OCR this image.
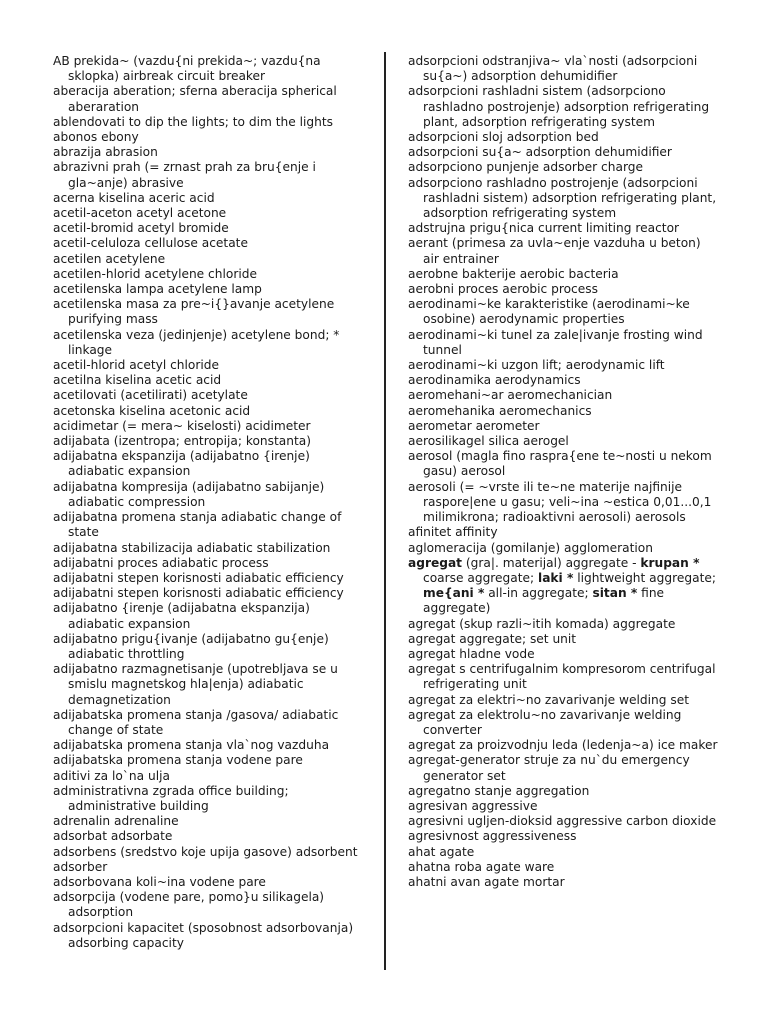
AB prekida~ (vazdu{ni prekida~; vazdu{na sklopka) airbreak circuit breaker

aberacija aberation; sferna aberacija spherical aberaration

ablendovati to dip the lights; to dim the lights

abonos ebony

abrazija abrasion

abrazivni prah (= zrnast prah za bru{enje i gla~anje) abrasive

acerna kiselina aceric acid

acetil-aceton acetyl acetone

acetil-bromid acetyl bromide

acetil-celuloza cellulose acetate

acetilen acetylene

acetilen-hlorid acetylene chloride

acetilenska lampa acetylene lamp

acetilenska masa za pre~i{}avanje acetylene purifying mass

acetilenska veza (jedinjenje) acetylene bond; * linkage

acetil-hlorid acetyl chloride

acetilna kiselina acetic acid

acetilovati (acetilirati) acetylate

acetonska kiselina acetonic acid

acidimetar (= mera~ kiselosti) acidimeter

adijabata (izentropa; entropija; konstanta)

adijabatna ekspanzija (adijabatno {irenje) adiabatic expansion

adijabatna kompresija (adijabatno sabijanje) adiabatic compression

adijabatna promena stanja adiabatic change of state

adijabatna stabilizacija adiabatic stabilization

adijabatni proces adiabatic process

adijabatni stepen korisnosti adiabatic efficiency

adijabatni stepen korisnosti adiabatic efficiency

adijabatno {irenje (adijabatna ekspanzija) adiabatic expansion

adijabatno prigu{ivanje (adijabatno gu{enje) adiabatic throttling

adijabatno razmagnetisanje (upotrebljava se u smislu magnetskog hla|enja) adiabatic demagnetization

adijabatska promena stanja /gasova/ adiabatic change of state

adijabatska promena stanja vla`nog vazduha

adijabatska promena stanja vodene pare

aditivi za lo`na ulja

administrativna zgrada office building; administrative building

adrenalin adrenaline

adsorbat adsorbate

adsorbens (sredstvo koje upija gasove) adsorbent

adsorber

adsorbovana koli~ina vodene pare

adsorpcija (vodene pare, pomo}u silikagela) adsorption

adsorpcioni kapacitet (sposobnost adsorbovanja) adsorbing capacity

adsorpcioni odstranjiva~ vla`nosti (adsorpcioni su{a~) adsorption dehumidifier

adsorpcioni rashladni sistem (adsorpciono rashladno postrojenje) adsorption refrigerating plant, adsorption refrigerating system

adsorpcioni sloj adsorption bed

adsorpcioni su{a~ adsorption dehumidifier

adsorpciono punjenje adsorber charge

adsorpciono rashladno postrojenje (adsorpcioni rashladni sistem) adsorption refrigerating plant, adsorption refrigerating system

adstrujna prigu{nica current limiting reactor

aerant (primesa za uvla~enje vazduha u beton) air entrainer

aerobne bakterije aerobic bacteria

aerobni proces aerobic process

aerodinami~ke karakteristike (aerodinami~ke osobine) aerodynamic properties

aerodinami~ki tunel za zale|ivanje frosting wind tunnel

aerodinami~ki uzgon lift; aerodynamic lift

aerodinamika aerodynamics

aeromehani~ar aeromechanician

aeromehanika aeromechanics

aerometar aerometer

aerosilikagel silica aerogel

aerosol (magla fino raspra{ene te~nosti u nekom gasu) aerosol

aerosoli (= ~vrste ili te~ne materije najfinije raspore|ene u gasu; veli~ina ~estica 0,01...0,1 milimikrona; radioaktivni aerosoli) aerosols

afinitet affinity

aglomeracija (gomilanje) agglomeration

agregat (gra|. materijal) aggregate - krupan * coarse aggregate; laki * lightweight aggregate; me{ani * all-in aggregate; sitan * fine aggregate)

agregat (skup razli~itih komada) aggregate

agregat aggregate; set unit

agregat hladne vode

agregat s centrifugalnim kompresorom centrifugal refrigerating unit

agregat za elektri~no zavarivanje welding set

agregat za elektrolu~no zavarivanje welding converter

agregat za proizvodnju leda (ledenja~a) ice maker

agregat-generator struje za nu`du emergency generator set

agregatno stanje aggregation

agresivan aggressive

agresivni ugljen-dioksid aggressive carbon dioxide

agresivnost aggressiveness

ahat agate

ahatna roba agate ware

ahatni avan agate mortar
